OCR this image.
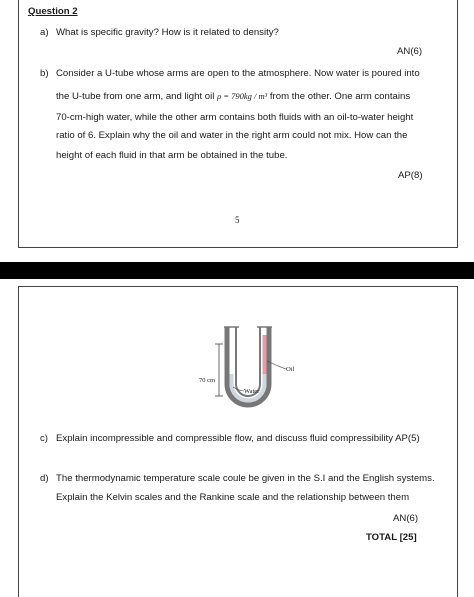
Question 2
a) What is specific gravity? How is it related to density?
AN(6)
b) Consider a U-tube whose arms are open to the atmosphere. Now water is poured into
the U-tube from one arm, and light oil ρ = 790kg / m³ from the other. One arm contains
70-cm-high water, while the other arm contains both fluids with an oil-to-water height
ratio of 6. Explain why the oil and water in the right arm could not mix. How can the
height of each fluid in that arm be obtained in the tube.
AP(8)
5
70 cm
Water
Oil
c) Explain incompressible and compressible flow, and discuss fluid compressibility AP(5)
d) The thermodynamic temperature scale coule be given in the S.I and the English systems.
Explain the Kelvin scales and the Rankine scale and the relationship between them
AN(6)
TOTAL [25]
